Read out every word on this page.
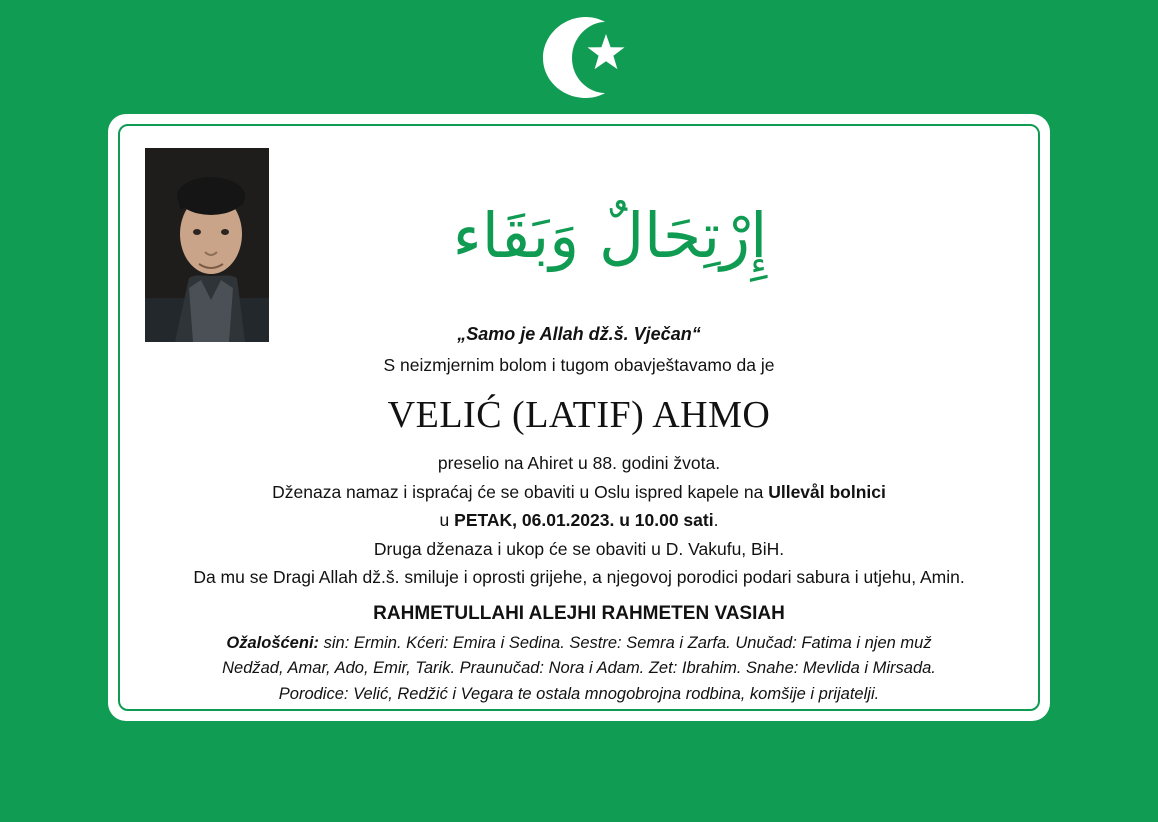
إِرْتِحَالٌ وَبَقَاء
„Samo je Allah dž.š. Vječan“
S neizmjernim bolom i tugom obavještavamo da je
VELIĆ (LATIF) AHMO
preselio na Ahiret u 88. godini žvota.
Dženaza namaz i ispraćaj će se obaviti u Oslu ispred kapele na Ullevål bolnici
u PETAK, 06.01.2023. u 10.00 sati.
Druga dženaza i ukop će se obaviti u D. Vakufu, BiH.
Da mu se Dragi Allah dž.š. smiluje i oprosti grijehe, a njegovoj porodici podari sabura i utjehu, Amin.
RAHMETULLAHI ALEJHI RAHMETEN VASIAH
Ožalošćeni: sin: Ermin. Kćeri: Emira i Sedina. Sestre: Semra i Zarfa. Unučad: Fatima i njen muž Nedžad, Amar, Ado, Emir, Tarik. Praunučad: Nora i Adam. Zet: Ibrahim. Snahe: Mevlida i Mirsada. Porodice: Velić, Redžić i Vegara te ostala mnogobrojna rodbina, komšije i prijatelji.
